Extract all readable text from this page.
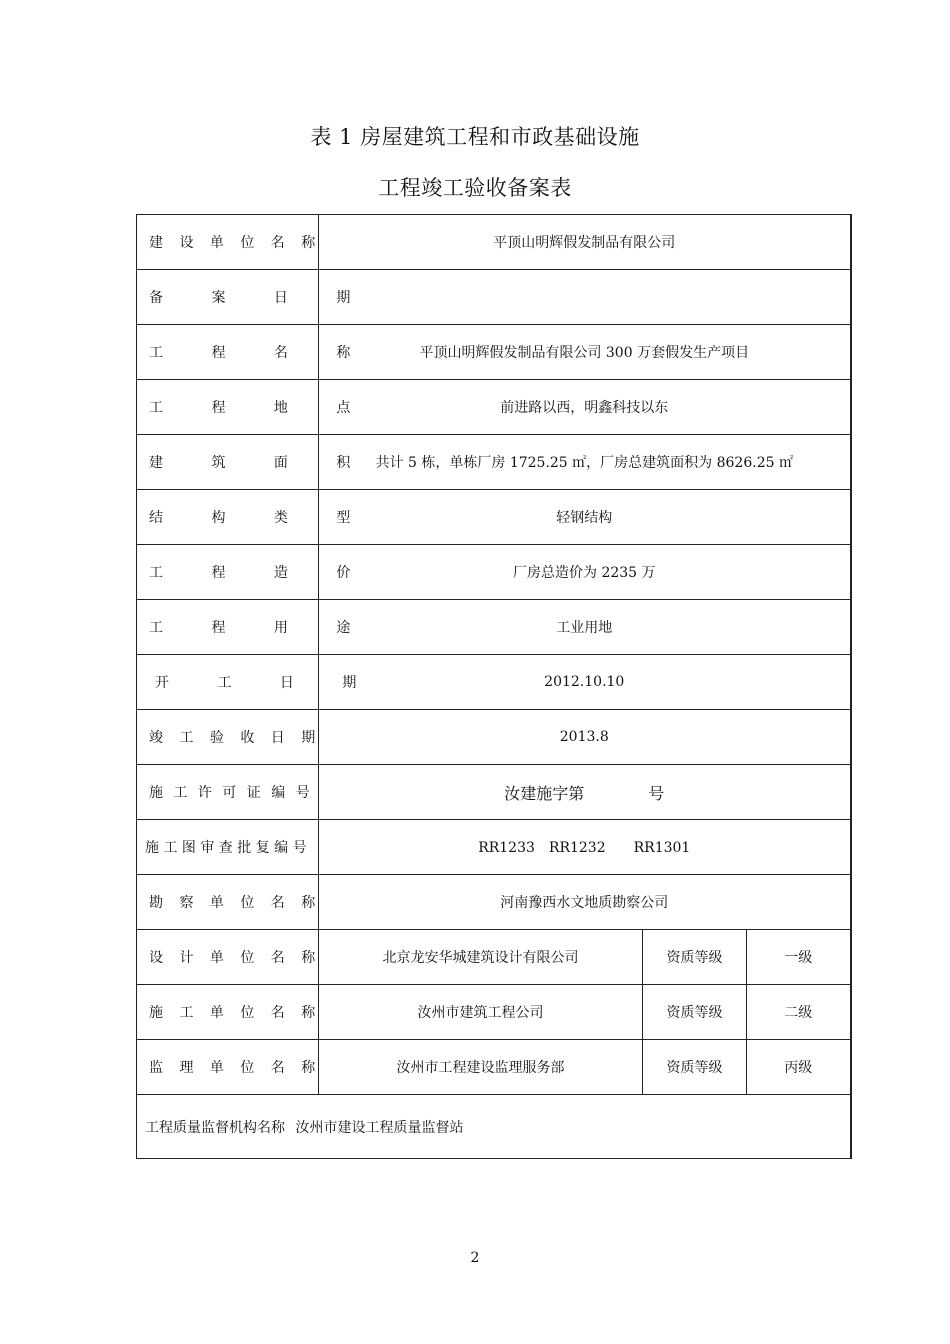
表 1 房屋建筑工程和市政基础设施
工程竣工验收备案表
建 设 单 位 名 称	平顶山明辉假发制品有限公司		
备 案 日 期			
工 程 名 称	平顶山明辉假发制品有限公司 300 万套假发生产项目		
工 程 地 点	前进路以西，明鑫科技以东		
建 筑 面 积	共计 5 栋，单栋厂房 1725.25 ㎡，厂房总建筑面积为 8626.25 ㎡		
结 构 类 型	轻钢结构		
工 程 造 价	厂房总造价为 2235 万		
工 程 用 途	工业用地		
开 工 日 期	2012.10.10		
竣 工 验 收 日 期	2013.8		
施 工 许 可 证 编 号	汝建施字第　　　　号		
施 工 图 审 查 批 复 编 号	RR1233　RR1232　　RR1301		
勘 察 单 位 名 称	河南豫西水文地质勘察公司		
设 计 单 位 名 称	北京龙安华城建筑设计有限公司	资质等级	一级
施 工 单 位 名 称	汝州市建筑工程公司	资质等级	二级
监 理 单 位 名 称	汝州市工程建设监理服务部	资质等级	丙级
工程质量监督机构名称 汝州市建设工程质量监督站			
2
